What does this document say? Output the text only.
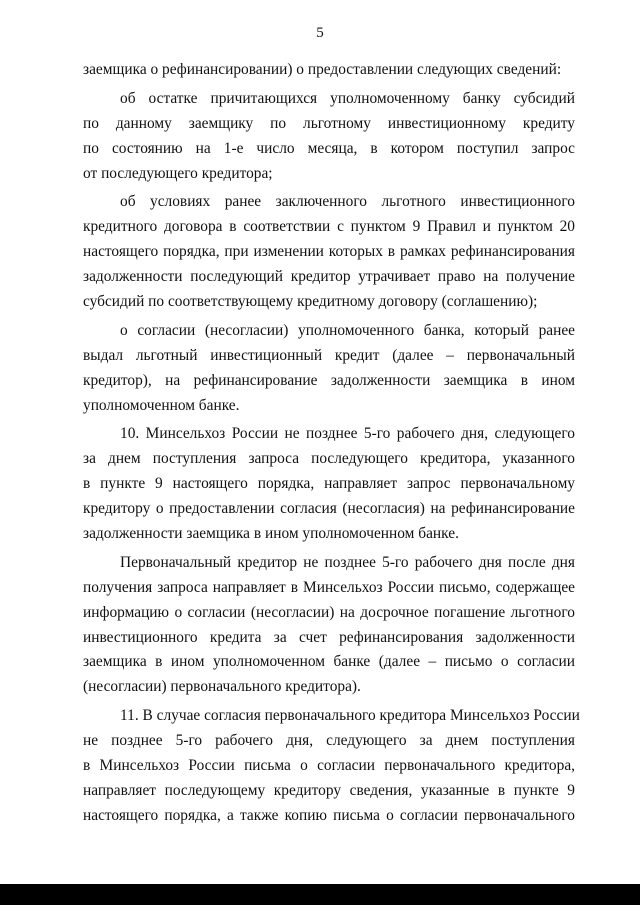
5
заемщика о рефинансировании) о предоставлении следующих сведений:
об остатке причитающихся уполномоченному банку субсидий
по данному заемщику по льготному инвестиционному кредиту
по состоянию на 1-е число месяца, в котором поступил запрос
от последующего кредитора;
об условиях ранее заключенного льготного инвестиционного
кредитного договора в соответствии с пунктом 9 Правил и пунктом 20
настоящего порядка, при изменении которых в рамках рефинансирования
задолженности последующий кредитор утрачивает право на получение
субсидий по соответствующему кредитному договору (соглашению);
о согласии (несогласии) уполномоченного банка, который ранее
выдал льготный инвестиционный кредит (далее – первоначальный
кредитор), на рефинансирование задолженности заемщика в ином
уполномоченном банке.
10. Минсельхоз России не позднее 5-го рабочего дня, следующего
за днем поступления запроса последующего кредитора, указанного
в пункте 9 настоящего порядка, направляет запрос первоначальному
кредитору о предоставлении согласия (несогласия) на рефинансирование
задолженности заемщика в ином уполномоченном банке.
Первоначальный кредитор не позднее 5-го рабочего дня после дня
получения запроса направляет в Минсельхоз России письмо, содержащее
информацию о согласии (несогласии) на досрочное погашение льготного
инвестиционного кредита за счет рефинансирования задолженности
заемщика в ином уполномоченном банке (далее – письмо о согласии
(несогласии) первоначального кредитора).
11. В случае согласия первоначального кредитора Минсельхоз России
не позднее 5-го рабочего дня, следующего за днем поступления
в Минсельхоз России письма о согласии первоначального кредитора,
направляет последующему кредитору сведения, указанные в пункте 9
настоящего порядка, а также копию письма о согласии первоначального
